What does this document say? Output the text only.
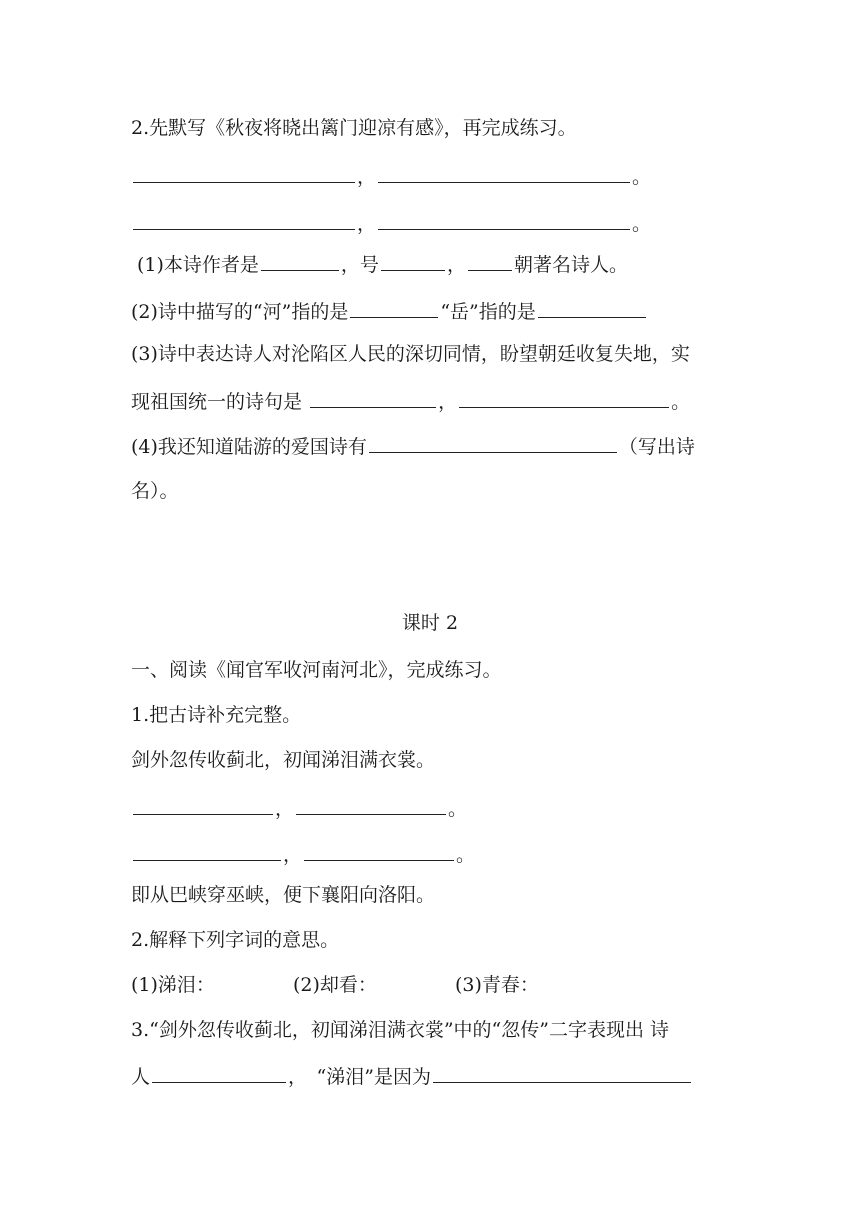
2.先默写《秋夜将晓出篱门迎凉有感》，再完成练习。
，	。
，	。
(1)本诗作者是	，号	，	朝著名诗人。
(2)诗中描写的“河”指的是	“岳”指的是
(3)诗中表达诗人对沦陷区人民的深切同情，盼望朝廷收复失地，实
现祖国统一的诗句是	，	。
(4)我还知道陆游的爱国诗有	（写出诗
名）。
课时 2
一、阅读《闻官军收河南河北》，完成练习。
1.把古诗补充完整。
剑外忽传收蓟北，初闻涕泪满衣裳。
，	。
，	。
即从巴峡穿巫峡，便下襄阳向洛阳。
2.解释下列字词的意思。
(1)涕泪：	(2)却看：	(3)青春：
3.“剑外忽传收蓟北，初闻涕泪满衣裳”中的“忽传”二字表现出 诗
人	，　“涕泪”是因为
